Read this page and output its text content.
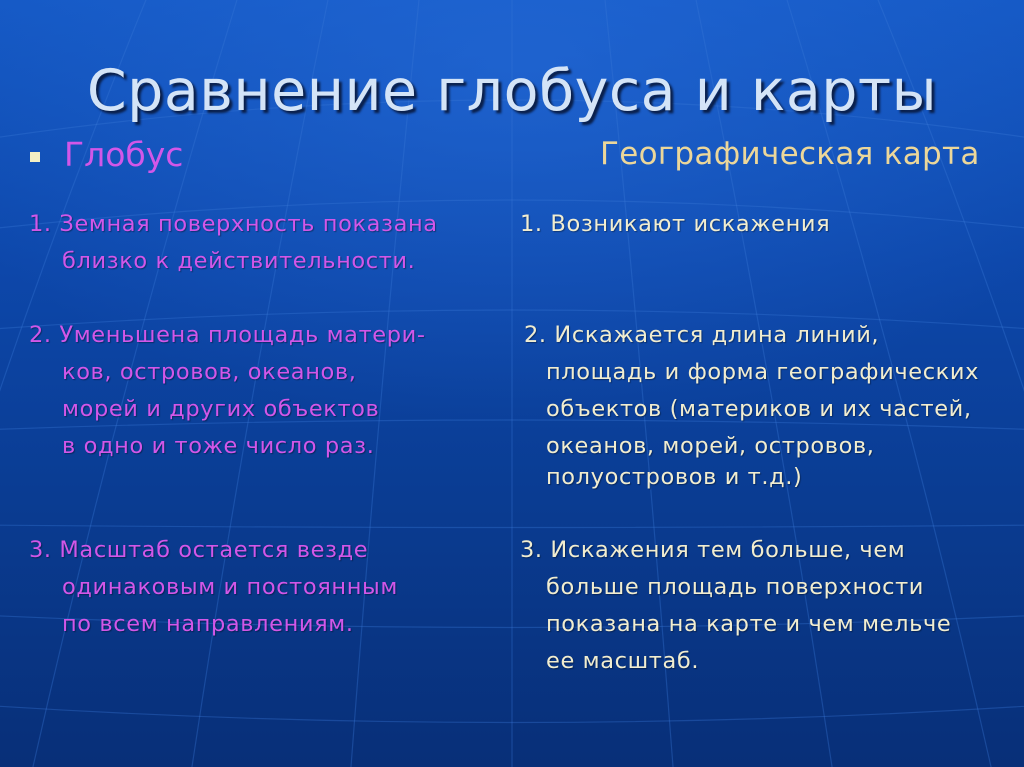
Сравнение глобуса и карты
Глобус	Географическая карта
1. Земная поверхность показана
близко к действительности.
2. Уменьшена площадь матери-
ков, островов, океанов,
морей и других объектов
в одно и тоже число раз.
3. Масштаб остается везде
одинаковым и постоянным
по всем направлениям.
1. Возникают искажения
2. Искажается длина линий,
площадь и форма географических
объектов (материков и их частей,
океанов, морей, островов,
полуостровов и т.д.)
3. Искажения тем больше, чем
больше площадь поверхности
показана на карте и чем мельче
ее масштаб.
